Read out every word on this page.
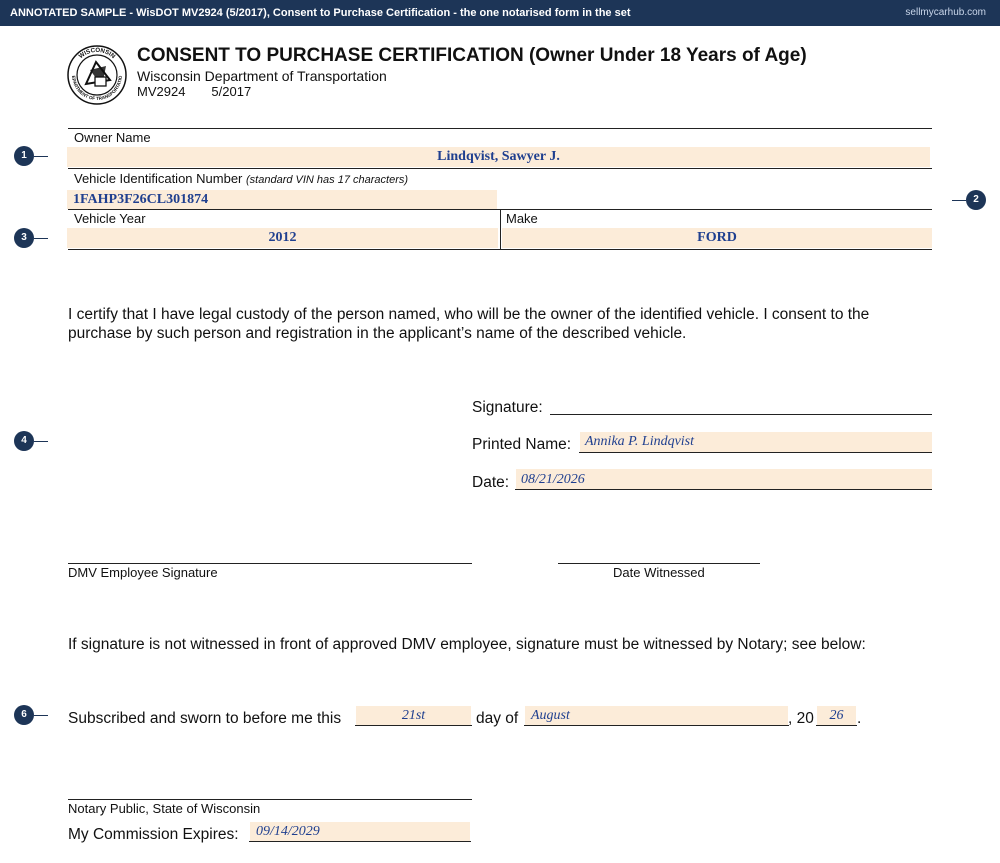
ANNOTATED SAMPLE - WisDOT MV2924 (5/2017), Consent to Purchase Certification - the one notarised form in the set	sellmycarhub.com
WISCONSIN
EPARTMENT OF TRANSPORTATIO
CONSENT TO PURCHASE CERTIFICATION (Owner Under 18 Years of Age)
Wisconsin Department of Transportation
MV2924 5/2017
Owner Name
Lindqvist, Sawyer J.
Vehicle Identification Number (standard VIN has 17 characters)
1FAHP3F26CL301874
Vehicle Year	Make
2012	FORD
I certify that I have legal custody of the person named, who will be the owner of the identified vehicle. I consent to the purchase by such person and registration in the applicant’s name of the described vehicle.
Signature:
Printed Name: Annika P. Lindqvist
Date: 08/21/2026
DMV Employee Signature	Date Witnessed
If signature is not witnessed in front of approved DMV employee, signature must be witnessed by Notary; see below:
Subscribed and sworn to before me this	21st	day of August	, 20	26 .
Notary Public, State of Wisconsin
My Commission Expires: 09/14/2029
1
2
3
4
6
